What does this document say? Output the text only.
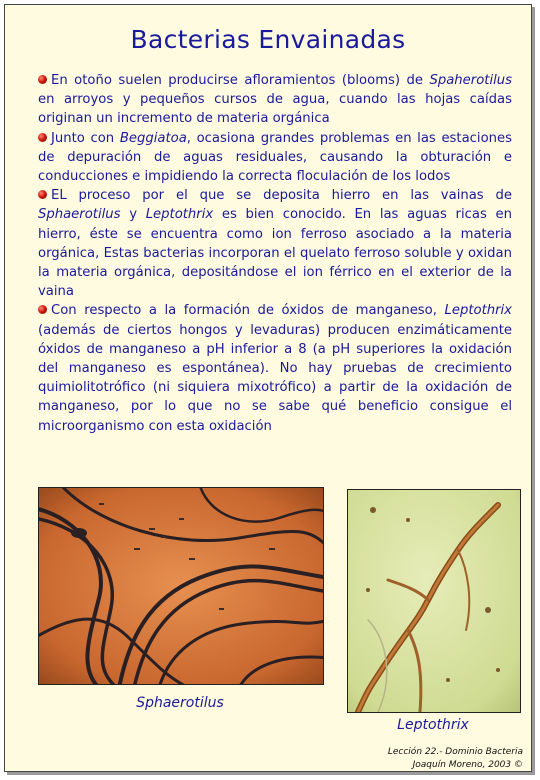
Bacterias Envainadas

En otoño suelen producirse afloramientos (blooms) de Spaherotilus en arroyos y pequeños cursos de agua, cuando las hojas caídas originan un incremento de materia orgánica

Junto con Beggiatoa, ocasiona grandes problemas en las estaciones de depuración de aguas residuales, causando la obturación e conducciones e impidiendo la correcta floculación de los lodos

EL proceso por el que se deposita hierro en las vainas de Sphaerotilus y Leptothrix es bien conocido. En las aguas ricas en hierro, éste se encuentra como ion ferroso asociado a la materia orgánica, Estas bacterias incorporan el quelato ferroso soluble y oxidan la materia orgánica, depositándose el ion férrico en el exterior de la vaina

Con respecto a la formación de óxidos de manganeso, Leptothrix (además de ciertos hongos y levaduras) producen enzimáticamente óxidos de manganeso a pH inferior a 8 (a pH superiores la oxidación del manganeso es espontánea). No hay pruebas de crecimiento quimiolitotrófico (ni siquiera mixotrófico) a partir de la oxidación de manganeso, por lo que no se sabe qué beneficio consigue el microorganismo con esta oxidación

Sphaerotilus
Leptothrix
Lección 22.- Dominio Bacteria
Joaquín Moreno, 2003 ©
